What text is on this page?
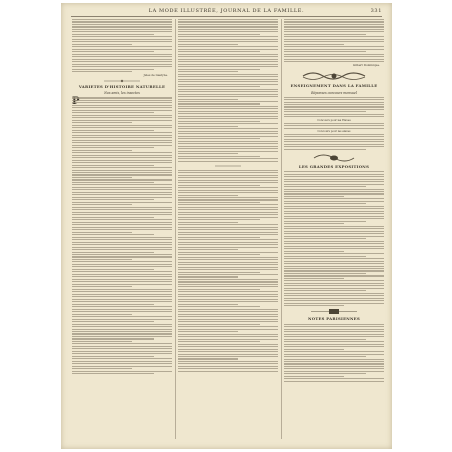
LA MODE ILLUSTRÉE, JOURNAL DE LA FAMILLE.	331
Jules de Gastyne.
VARIÉTÉS D'HISTOIRE NATURELLE
Nos amis, les insectes
Gilbert Dominique.
ENSEIGNEMENT DANS LA FAMILLE
Réponses concours mensuel
Concours pour les Élèves
Concours pour les élèves
LES GRANDES EXPOSITIONS
NOTES PARISIENNES
